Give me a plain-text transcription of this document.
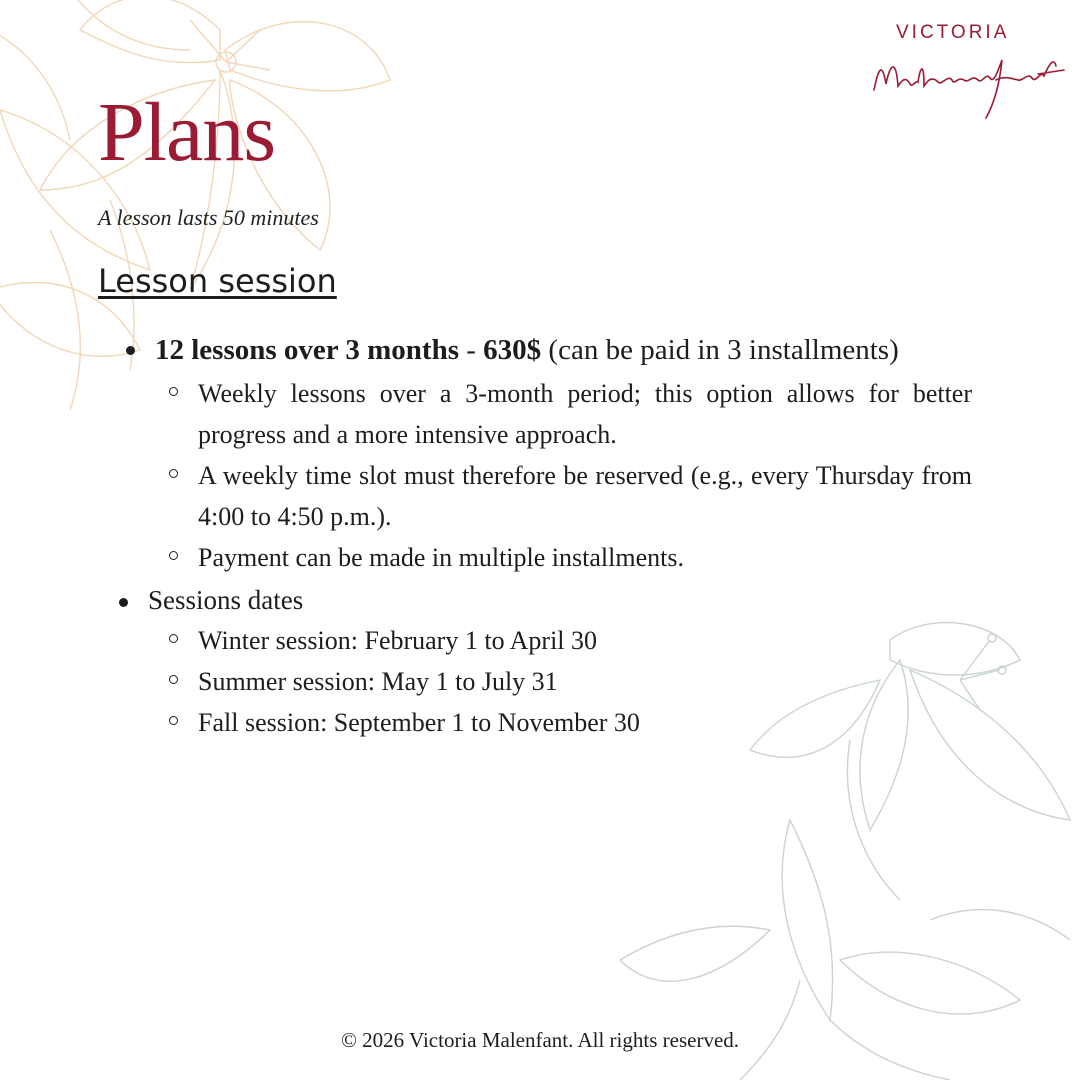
VICTORIA
Plans

A lesson lasts 50 minutes

Lesson session
12 lessons over 3 months - 630$ (can be paid in 3 installments)
Weekly lessons over a 3-month period; this option allows for better progress and a more intensive approach.
A weekly time slot must therefore be reserved (e.g., every Thursday from 4:00 to 4:50 p.m.).
Payment can be made in multiple installments.
Sessions dates
Winter session: February 1 to April 30
Summer session: May 1 to July 31
Fall session: September 1 to November 30
© 2026 Victoria Malenfant. All rights reserved.
